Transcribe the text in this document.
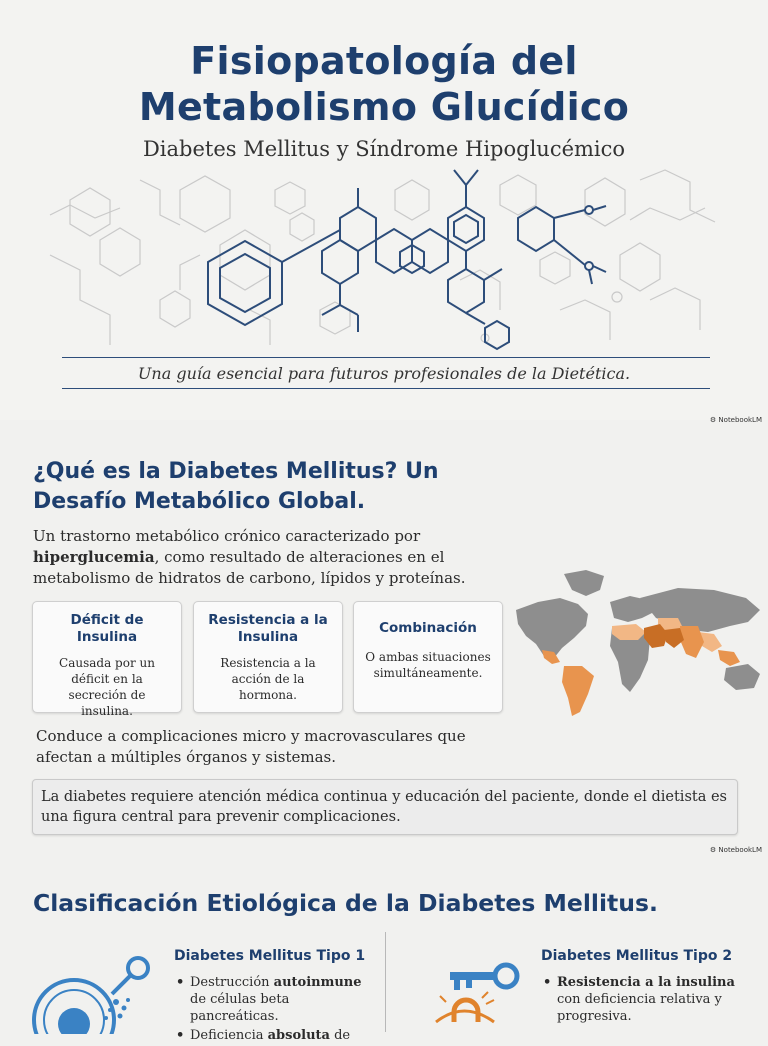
Fisiopatología del
Metabolismo Glucídico
Diabetes Mellitus y Síndrome Hipoglucémico
Una guía esencial para futuros profesionales de la Dietética.
⚙ NotebookLM
¿Qué es la Diabetes Mellitus? Un Desafío Metabólico Global.
Un trastorno metabólico crónico caracterizado por hiperglucemia, como resultado de alteraciones en el metabolismo de hidratos de carbono, lípidos y proteínas.
Déficit de Insulina
Causada por un déficit en la secreción de insulina.
Resistencia a la Insulina
Resistencia a la acción de la hormona.
Combinación
O ambas situaciones simultáneamente.
Conduce a complicaciones micro y macrovasculares que afectan a múltiples órganos y sistemas.
La diabetes requiere atención médica continua y educación del paciente, donde el dietista es una figura central para prevenir complicaciones.
⚙ NotebookLM
Clasificación Etiológica de la Diabetes Mellitus.
Diabetes Mellitus Tipo 1
• Destrucción autoinmune de células beta pancreáticas.
• Deficiencia absoluta de
Diabetes Mellitus Tipo 2
• Resistencia a la insulina con deficiencia relativa y progresiva.
